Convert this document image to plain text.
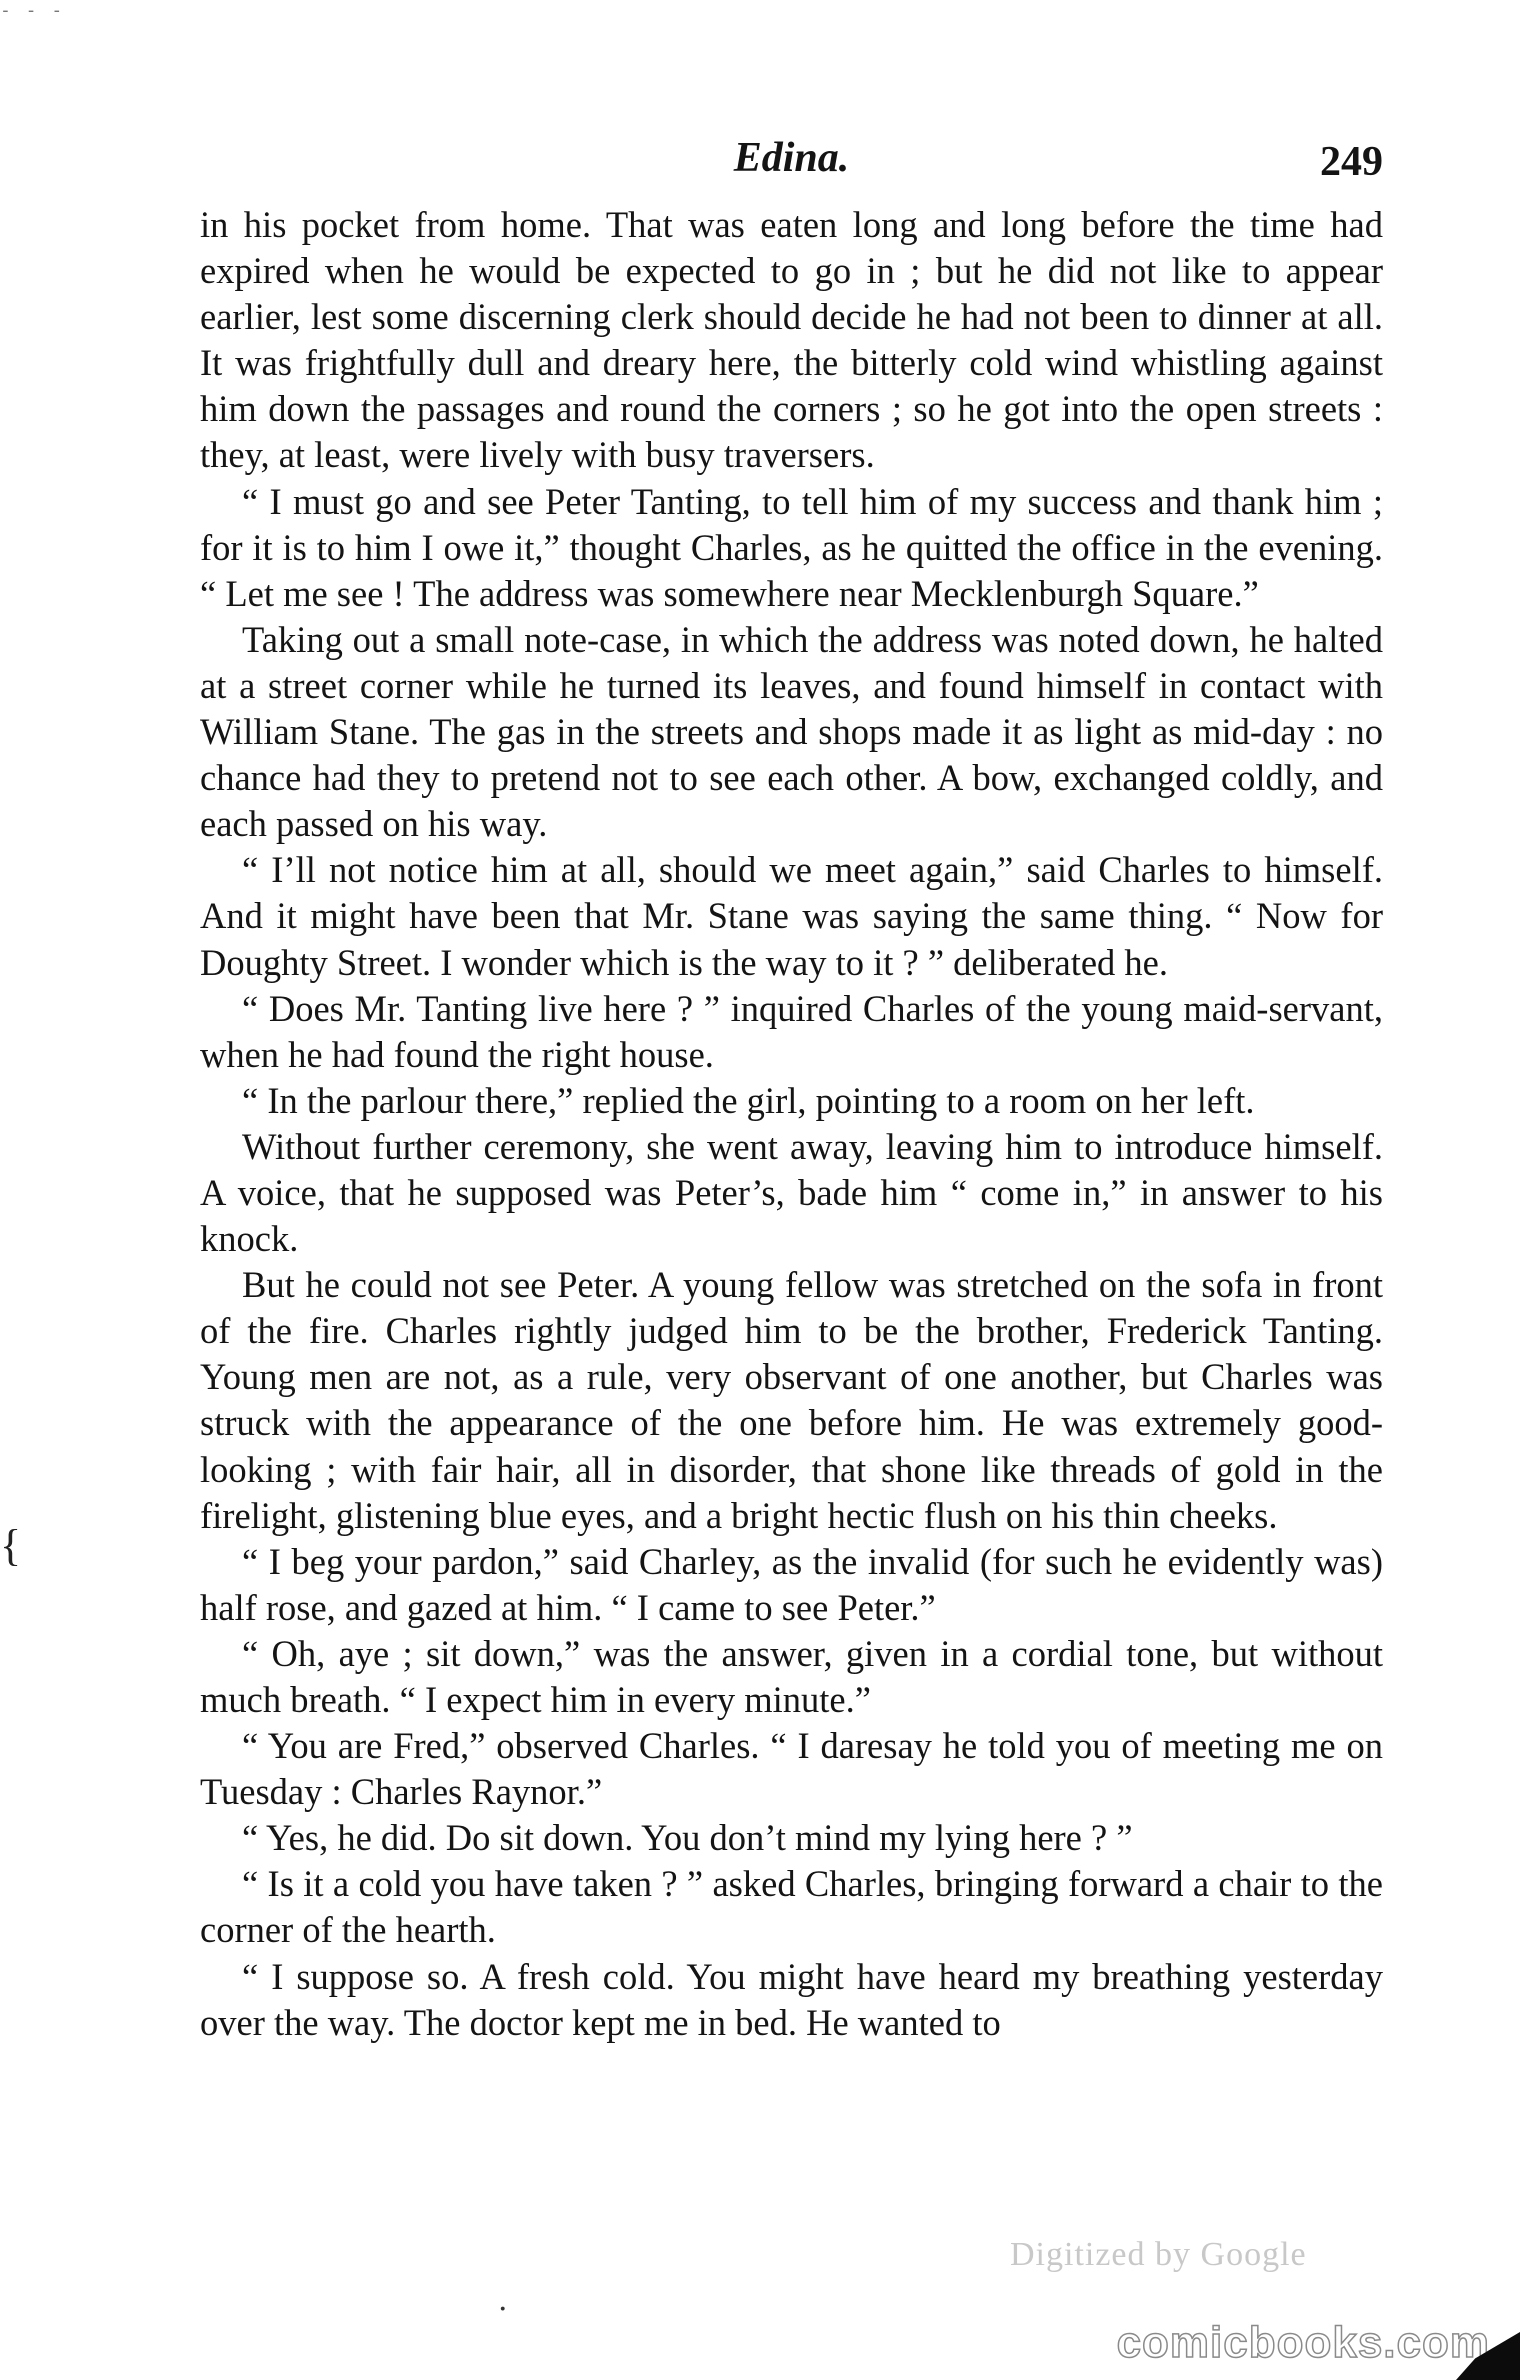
- - -
Edina.	249

in his pocket from home. That was eaten long and long before the time had expired when he would be expected to go in ; but he did not like to appear earlier, lest some discerning clerk should decide he had not been to dinner at all. It was frightfully dull and dreary here, the bitterly cold wind whistling against him down the passages and round the corners ; so he got into the open streets : they, at least, were lively with busy traversers.

“ I must go and see Peter Tanting, to tell him of my success and thank him ; for it is to him I owe it,” thought Charles, as he quitted the office in the evening. “ Let me see ! The address was somewhere near Mecklenburgh Square.”

Taking out a small note-case, in which the address was noted down, he halted at a street corner while he turned its leaves, and found himself in contact with William Stane. The gas in the streets and shops made it as light as mid-day : no chance had they to pretend not to see each other. A bow, exchanged coldly, and each passed on his way.

“ I’ll not notice him at all, should we meet again,” said Charles to himself. And it might have been that Mr. Stane was saying the same thing. “ Now for Doughty Street. I wonder which is the way to it ? ” deliberated he.

“ Does Mr. Tanting live here ? ” inquired Charles of the young maid-servant, when he had found the right house.

“ In the parlour there,” replied the girl, pointing to a room on her left.

Without further ceremony, she went away, leaving him to introduce himself. A voice, that he supposed was Peter’s, bade him “ come in,” in answer to his knock.

But he could not see Peter. A young fellow was stretched on the sofa in front of the fire. Charles rightly judged him to be the brother, Frederick Tanting. Young men are not, as a rule, very observant of one another, but Charles was struck with the appearance of the one before him. He was extremely good-looking ; with fair hair, all in disorder, that shone like threads of gold in the firelight, glistening blue eyes, and a bright hectic flush on his thin cheeks.

“ I beg your pardon,” said Charley, as the invalid (for such he evidently was) half rose, and gazed at him. “ I came to see Peter.”

“ Oh, aye ; sit down,” was the answer, given in a cordial tone, but without much breath. “ I expect him in every minute.”

“ You are Fred,” observed Charles. “ I daresay he told you of meeting me on Tuesday : Charles Raynor.”

“ Yes, he did. Do sit down. You don’t mind my lying here ? ”

“ Is it a cold you have taken ? ” asked Charles, bringing forward a chair to the corner of the hearth.

“ I suppose so. A fresh cold. You might have heard my breathing yesterday over the way. The doctor kept me in bed. He wanted to

{
·
Digitized by Google
comicbooks.com
